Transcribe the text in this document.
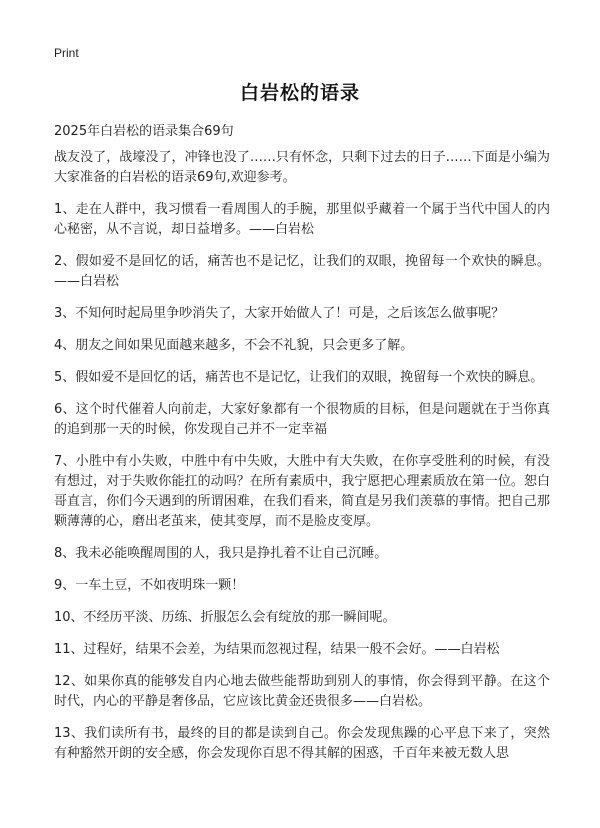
Print
白岩松的语录
2025年白岩松的语录集合69句

战友没了，战壕没了，冲锋也没了……只有怀念，只剩下过去的日子……下面是小编为大家准备的白岩松的语录69句,欢迎参考。

1、走在人群中，我习惯看一看周围人的手腕，那里似乎藏着一个属于当代中国人的内心秘密，从不言说，却日益增多。——白岩松

2、假如爱不是回忆的话，痛苦也不是记忆，让我们的双眼，挽留每一个欢快的瞬息。——白岩松

3、不知何时起局里争吵消失了，大家开始做人了！可是，之后该怎么做事呢？

4、朋友之间如果见面越来越多，不会不礼貌，只会更多了解。

5、假如爱不是回忆的话，痛苦也不是记忆，让我们的双眼，挽留每一个欢快的瞬息。

6、这个时代催着人向前走，大家好象都有一个很物质的目标，但是问题就在于当你真的追到那一天的时候，你发现自己并不一定幸福

7、小胜中有小失败，中胜中有中失败，大胜中有大失败，在你享受胜利的时候，有没有想过，对于失败你能扛的动吗？在所有素质中，我宁愿把心理素质放在第一位。恕白哥直言，你们今天遇到的所谓困难，在我们看来，简直是另我们羡慕的事情。把自己那颗薄薄的心，磨出老茧来，使其变厚，而不是脸皮变厚。

8、我未必能唤醒周围的人，我只是挣扎着不让自己沉睡。

9、一车土豆，不如夜明珠一颗！

10、不经历平淡、历练、折服怎么会有绽放的那一瞬间呢。

11、过程好，结果不会差，为结果而忽视过程，结果一般不会好。——白岩松

12、如果你真的能够发自内心地去做些能帮助到别人的事情，你会得到平静。在这个时代，内心的平静是奢侈品，它应该比黄金还贵很多——白岩松。

13、我们读所有书，最终的目的都是读到自己。你会发现焦躁的心平息下来了，突然有种豁然开朗的安全感，你会发现你百思不得其解的困惑，千百年来被无数人思
